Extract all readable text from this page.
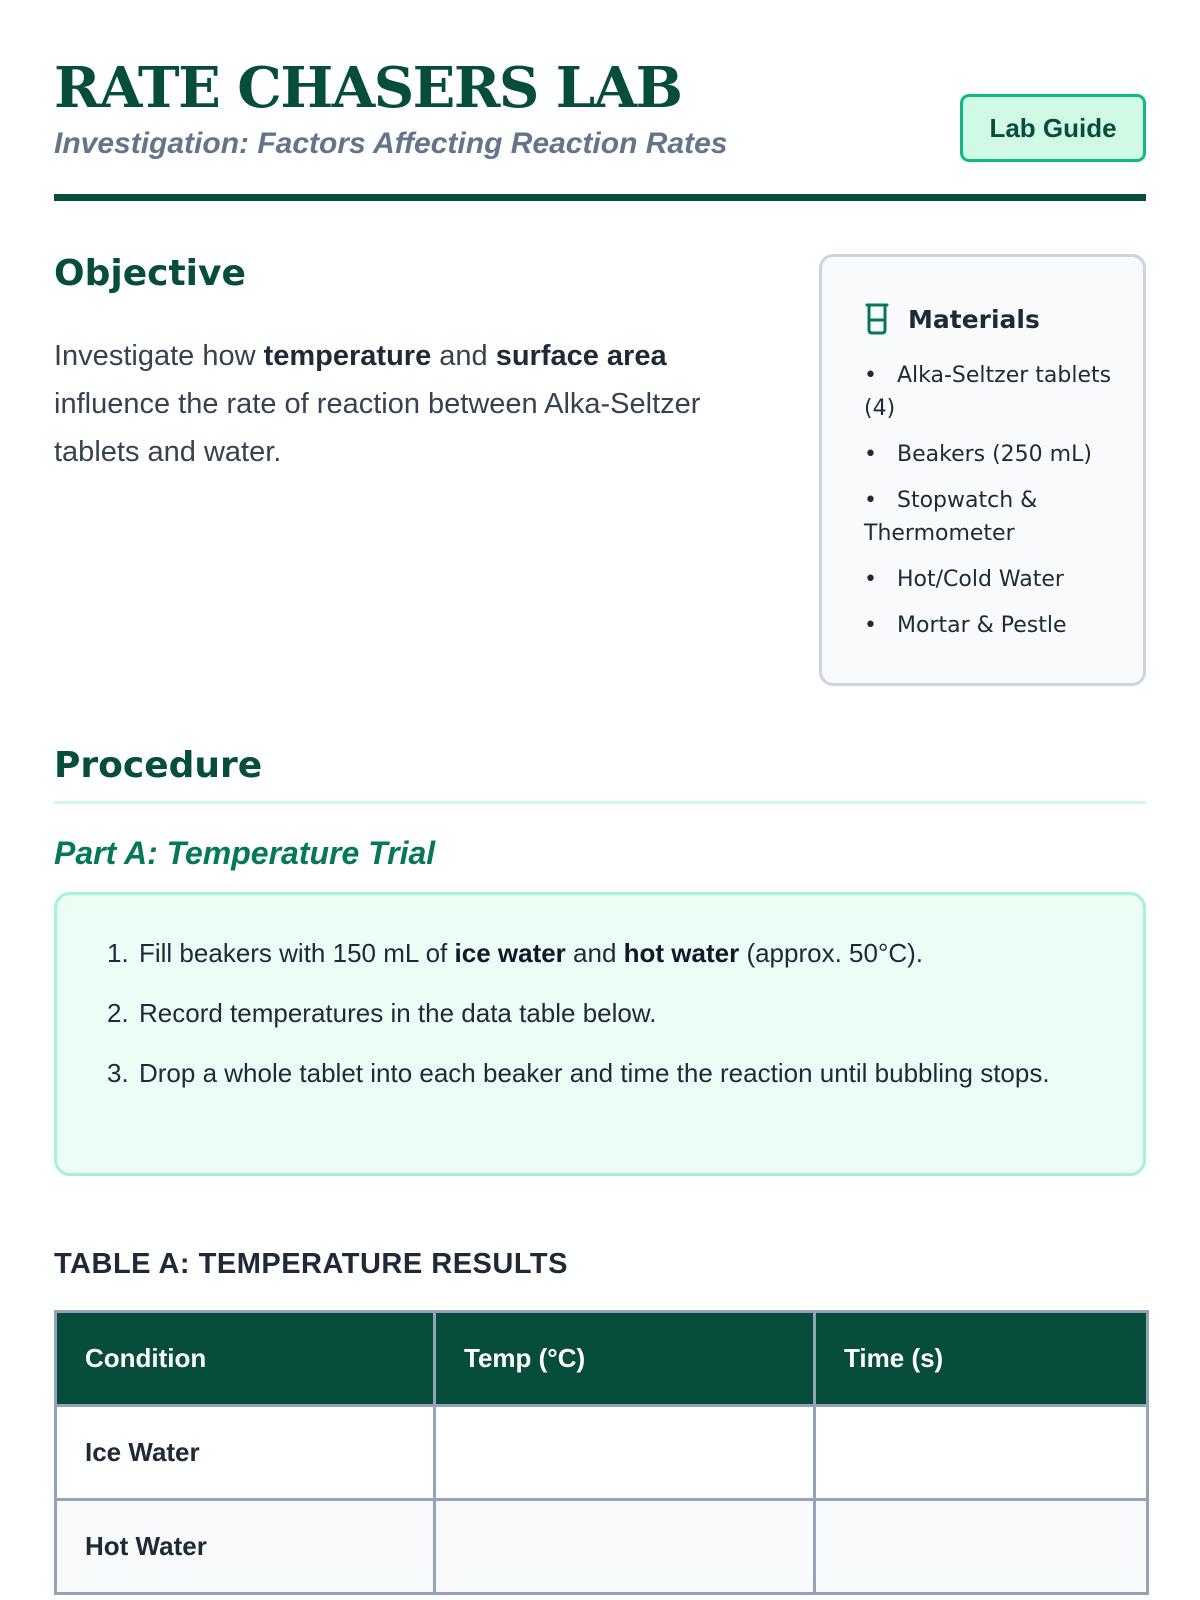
RATE CHASERS LAB

Investigation: Factors Affecting Reaction Rates	Lab Guide
Objective

Investigate how temperature and surface area influence the rate of reaction between Alka-Seltzer tablets and water.

Materials
• Alka-Seltzer tablets (4)
• Beakers (250 mL)
• Stopwatch & Thermometer
• Hot/Cold Water
• Mortar & Pestle
Procedure
Part A: Temperature Trial
1. Fill beakers with 150 mL of ice water and hot water (approx. 50°C).
2. Record temperatures in the data table below.
3. Drop a whole tablet into each beaker and time the reaction until bubbling stops.
TABLE A: TEMPERATURE RESULTS
Condition	Temp (°C)	Time (s)
Ice Water		
Hot Water		
